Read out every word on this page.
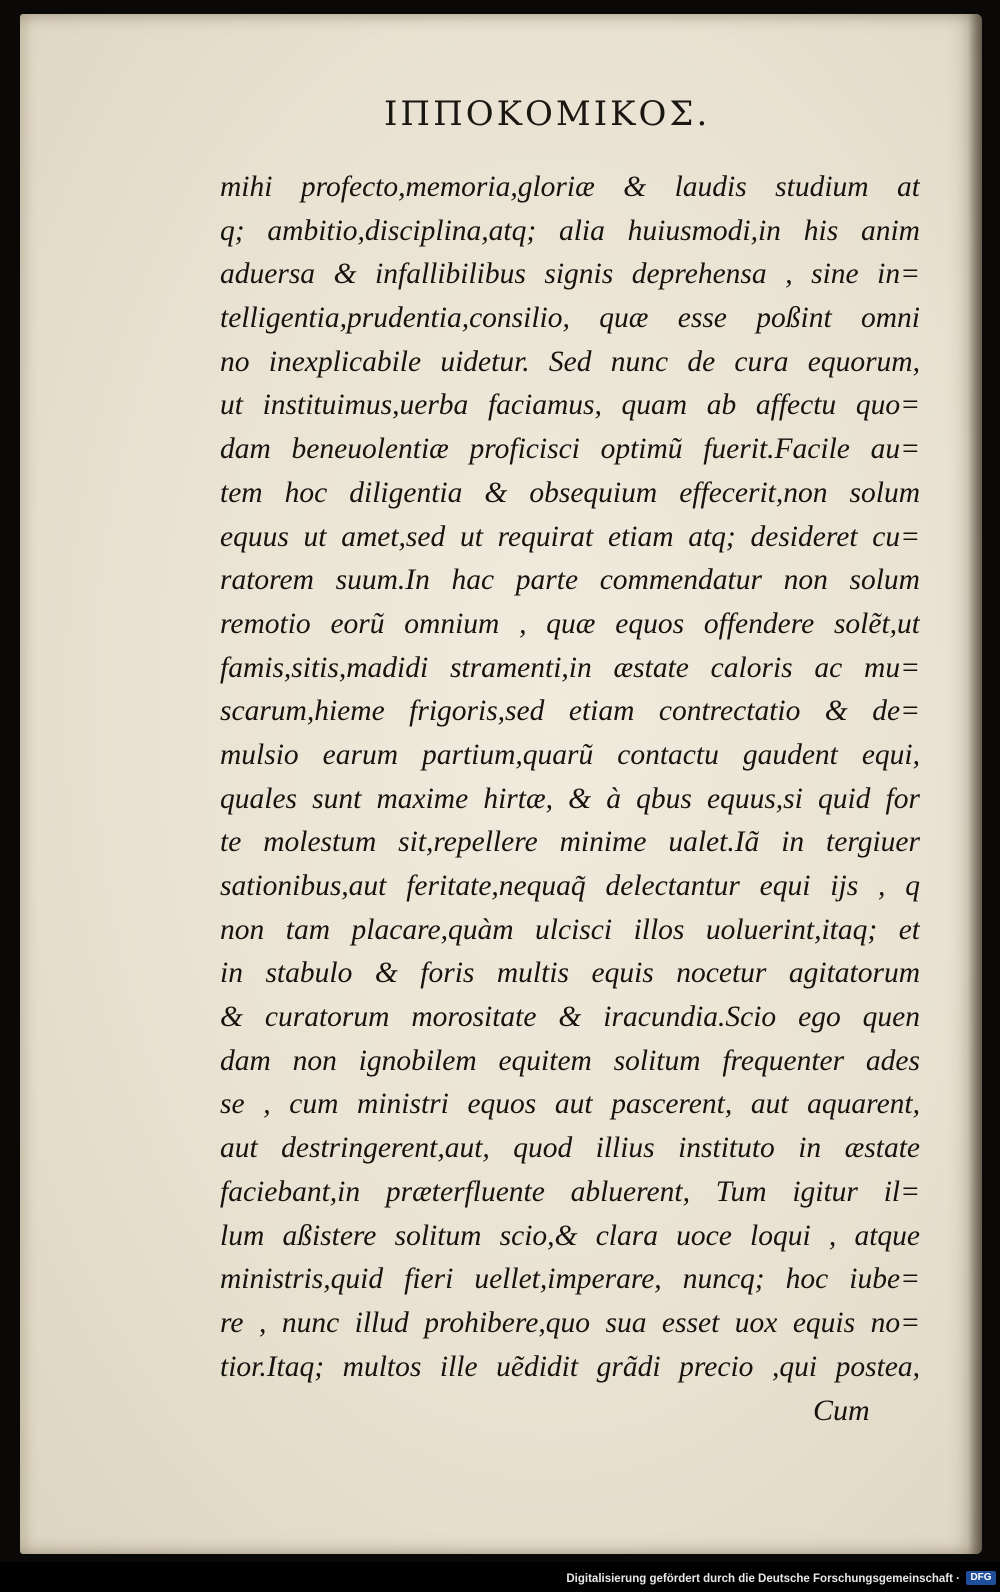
ΙΠΠΟΚΟΜΙΚΟΣ.
mihi profecto,memoria,gloriæ & laudis studium at
q; ambitio,disciplina,atq; alia huiusmodi,in his anim
aduersa & infallibilibus signis deprehensa , sine in=
telligentia,prudentia,consilio, quæ esse poßint omni
no inexplicabile uidetur. Sed nunc de cura equorum,
ut instituimus,uerba faciamus, quam ab affectu quo=
dam beneuolentiæ proficisci optimũ fuerit.Facile au=
tem hoc diligentia & obsequium effecerit,non solum
equus ut amet,sed ut requirat etiam atq; desideret cu=
ratorem suum.In hac parte commendatur non solum
remotio eorũ omnium , quæ equos offendere solẽt,ut
famis,sitis,madidi stramenti,in æstate caloris ac mu=
scarum,hieme frigoris,sed etiam contrectatio & de=
mulsio earum partium,quarũ contactu gaudent equi,
quales sunt maxime hirtæ, & à qbus equus,si quid for
te molestum sit,repellere minime ualet.Iã in tergiuer
sationibus,aut feritate,nequaq̃ delectantur equi ijs , q
non tam placare,quàm ulcisci illos uoluerint,itaq; et
in stabulo & foris multis equis nocetur agitatorum
& curatorum morositate & iracundia.Scio ego quen
dam non ignobilem equitem solitum frequenter ades
se , cum ministri equos aut pascerent, aut aquarent,
aut destringerent,aut, quod illius instituto in æstate
faciebant,in præterfluente abluerent, Tum igitur il=
lum aßistere solitum scio,& clara uoce loqui , atque
ministris,quid fieri uellet,imperare, nuncq; hoc iube=
re , nunc illud prohibere,quo sua esset uox equis no=
tior.Itaq; multos ille uẽdidit grãdi precio ,qui postea,
Cum
Digitalisierung gefördert durch die Deutsche Forschungsgemeinschaft ·	DFG
